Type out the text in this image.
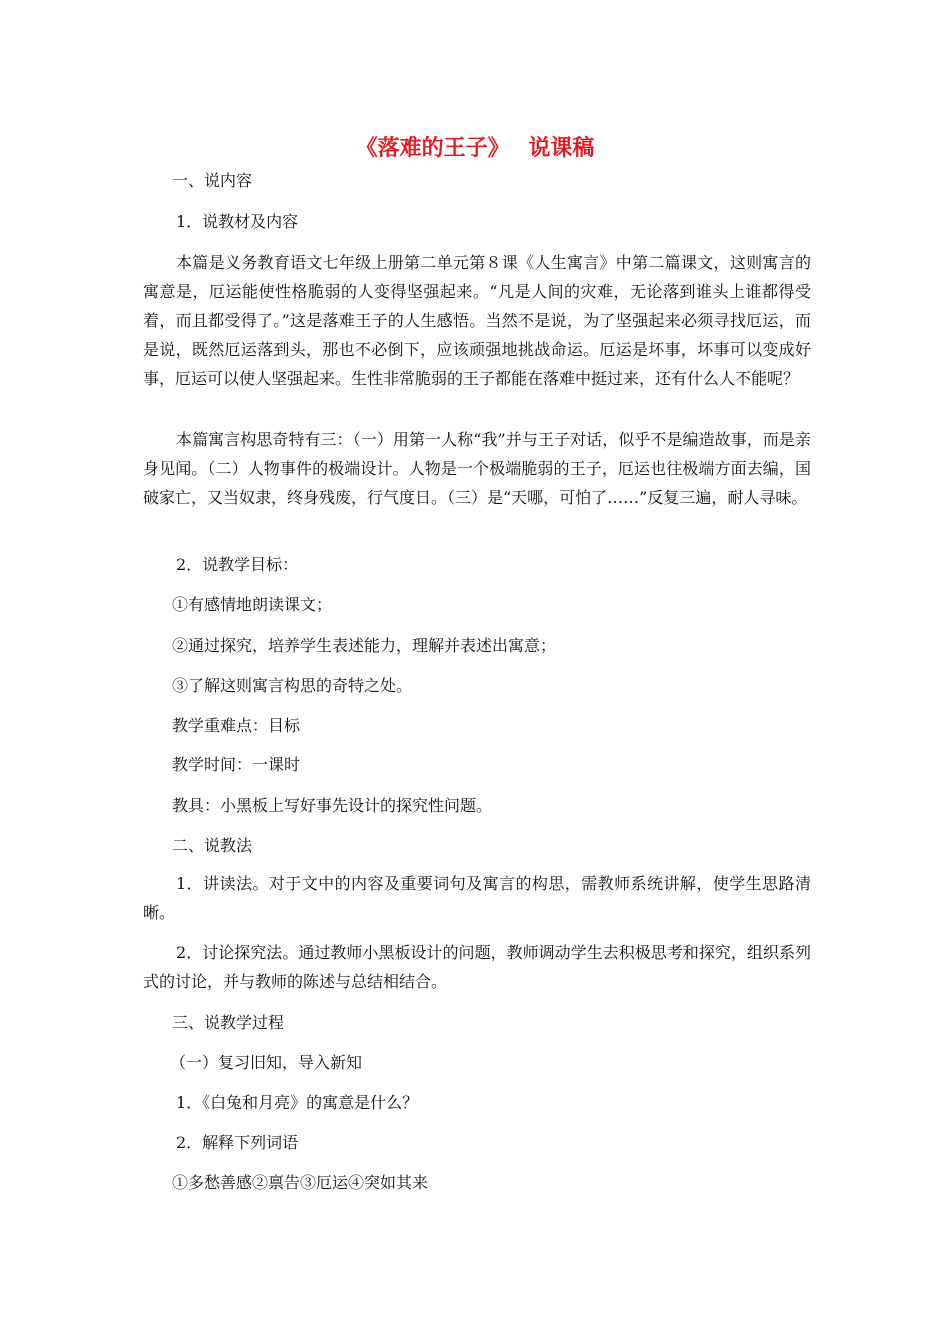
《落难的王子》　 说课稿
一、说内容
1．说教材及内容
本篇是义务教育语文七年级上册第二单元第８课《人生寓言》中第二篇课文，这则寓言的寓意是，厄运能使性格脆弱的人变得坚强起来。“凡是人间的灾难，无论落到谁头上谁都得受着，而且都受得了。”这是落难王子的人生感悟。当然不是说，为了坚强起来必须寻找厄运，而是说，既然厄运落到头，那也不必倒下，应该顽强地挑战命运。厄运是坏事，坏事可以变成好事，厄运可以使人坚强起来。生性非常脆弱的王子都能在落难中挺过来，还有什么人不能呢？
本篇寓言构思奇特有三：（一）用第一人称“我”并与王子对话，似乎不是编造故事，而是亲身见闻。（二）人物事件的极端设计。人物是一个极端脆弱的王子，厄运也往极端方面去编，国破家亡，又当奴隶，终身残废，行气度日。（三）是“天哪，可怕了……”反复三遍，耐人寻味。
2．说教学目标：
①有感情地朗读课文；
②通过探究，培养学生表述能力，理解并表述出寓意；
③了解这则寓言构思的奇特之处。
教学重难点：目标
教学时间：一课时
教具：小黑板上写好事先设计的探究性问题。
二、说教法
1．讲读法。对于文中的内容及重要词句及寓言的构思，需教师系统讲解，使学生思路清晰。
2．讨论探究法。通过教师小黑板设计的问题，教师调动学生去积极思考和探究，组织系列式的讨论，并与教师的陈述与总结相结合。
三、说教学过程
（一）复习旧知，导入新知
1．《白兔和月亮》的寓意是什么？
2．解释下列词语
①多愁善感②禀告③厄运④突如其来
